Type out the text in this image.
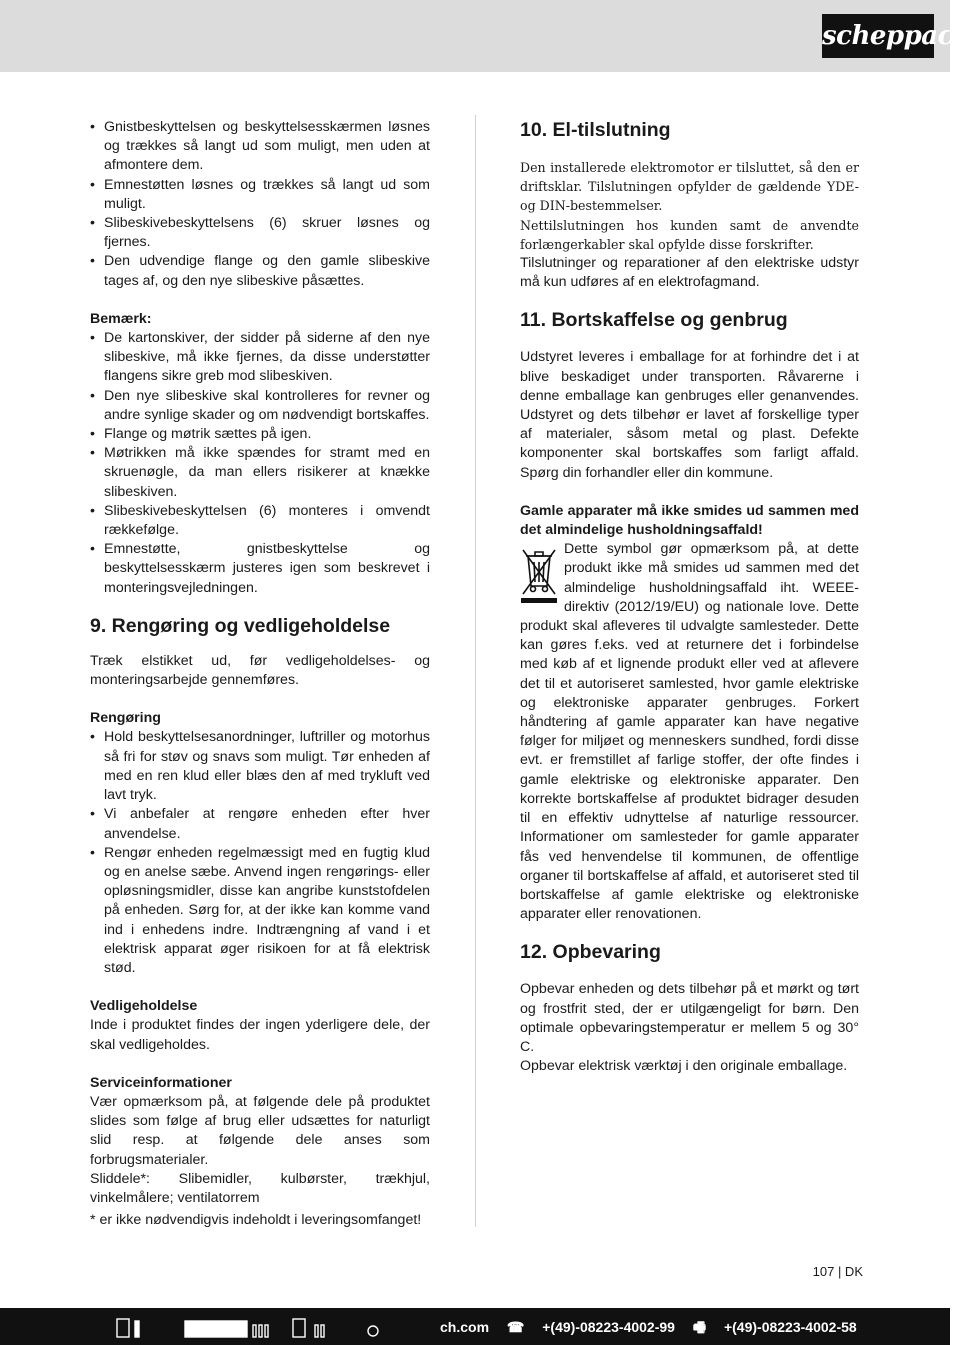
scheppach
• Gnistbeskyttelsen og beskyttelsesskærmen løsnes og trækkes så langt ud som muligt, men uden at afmontere dem.
• Emnestøtten løsnes og trækkes så langt ud som muligt.
• Slibeskivebeskyttelsens (6) skruer løsnes og fjernes.
• Den udvendige flange og den gamle slibeskive tages af, og den nye slibeskive påsættes.

Bemærk:

• De kartonskiver, der sidder på siderne af den nye slibeskive, må ikke fjernes, da disse understøtter flangens sikre greb mod slibeskiven.
• Den nye slibeskive skal kontrolleres for revner og andre synlige skader og om nødvendigt bortskaffes.
• Flange og møtrik sættes på igen.
• Møtrikken må ikke spændes for stramt med en skruenøgle, da man ellers risikerer at knække slibeskiven.
• Slibeskivebeskyttelsen (6) monteres i omvendt rækkefølge.
• Emnestøtte, gnistbeskyttelse og beskyttelsesskærm justeres igen som beskrevet i monteringsvejledningen.
9. Rengøring og vedligeholdelse

Træk elstikket ud, før vedligeholdelses- og monteringsarbejde gennemføres.

Rengøring

• Hold beskyttelsesanordninger, luftriller og motorhus så fri for støv og snavs som muligt. Tør enheden af med en ren klud eller blæs den af med trykluft ved lavt tryk.
• Vi anbefaler at rengøre enheden efter hver anvendelse.
• Rengør enheden regelmæssigt med en fugtig klud og en anelse sæbe. Anvend ingen rengørings- eller opløsningsmidler, disse kan angribe kunststofdelen på enheden. Sørg for, at der ikke kan komme vand ind i enhedens indre. Indtrængning af vand i et elektrisk apparat øger risikoen for at få elektrisk stød.

Vedligeholdelse

Inde i produktet findes der ingen yderligere dele, der skal vedligeholdes.

Serviceinformationer

Vær opmærksom på, at følgende dele på produktet slides som følge af brug eller udsættes for naturligt slid resp. at følgende dele anses som forbrugsmaterialer.

Sliddele*: Slibemidler, kulbørster, trækhjul, vinkelmålere; ventilatorrem

* er ikke nødvendigvis indeholdt i leveringsomfanget!
10. El-tilslutning

Den installerede elektromotor er tilsluttet, så den er driftsklar. Tilslutningen opfylder de gældende YDE- og DIN-bestemmelser.

Nettilslutningen hos kunden samt de anvendte forlængerkabler skal opfylde disse forskrifter.

Tilslutninger og reparationer af den elektriske udstyr må kun udføres af en elektrofagmand.

11. Bortskaffelse og genbrug

Udstyret leveres i emballage for at forhindre det i at blive beskadiget under transporten. Råvarerne i denne emballage kan genbruges eller genanvendes. Udstyret og dets tilbehør er lavet af forskellige typer af materialer, såsom metal og plast. Defekte komponenter skal bortskaffes som farligt affald. Spørg din forhandler eller din kommune.

Gamle apparater må ikke smides ud sammen med det almindelige husholdningsaffald!

Dette symbol gør opmærksom på, at dette produkt ikke må smides ud sammen med det almindelige husholdningsaffald iht. WEEE-direktiv (2012/19/EU) og nationale love. Dette produkt skal afleveres til udvalgte samlesteder. Dette kan gøres f.eks. ved at returnere det i forbindelse med køb af et lignende produkt eller ved at aflevere det til et autoriseret samlested, hvor gamle elektriske og elektroniske apparater genbruges. Forkert håndtering af gamle apparater kan have negative følger for miljøet og menneskers sundhed, fordi disse evt. er fremstillet af farlige stoffer, der ofte findes i gamle elektriske og elektroniske apparater. Den korrekte bortskaffelse af produktet bidrager desuden til en effektiv udnyttelse af naturlige ressourcer. Informationer om samlesteder for gamle apparater fås ved henvendelse til kommunen, de offentlige organer til bortskaffelse af affald, et autoriseret sted til bortskaffelse af gamle elektriske og elektroniske apparater eller renovationen.

12. Opbevaring

Opbevar enheden og dets tilbehør på et mørkt og tørt og frostfrit sted, der er utilgængeligt for børn. Den optimale opbevaringstemperatur er mellem 5 og 30° C.

Opbevar elektrisk værktøj i den originale emballage.

107 | DK
ch.com ☎ +(49)-08223-4002-99 🖷 +(49)-08223-4002-58
